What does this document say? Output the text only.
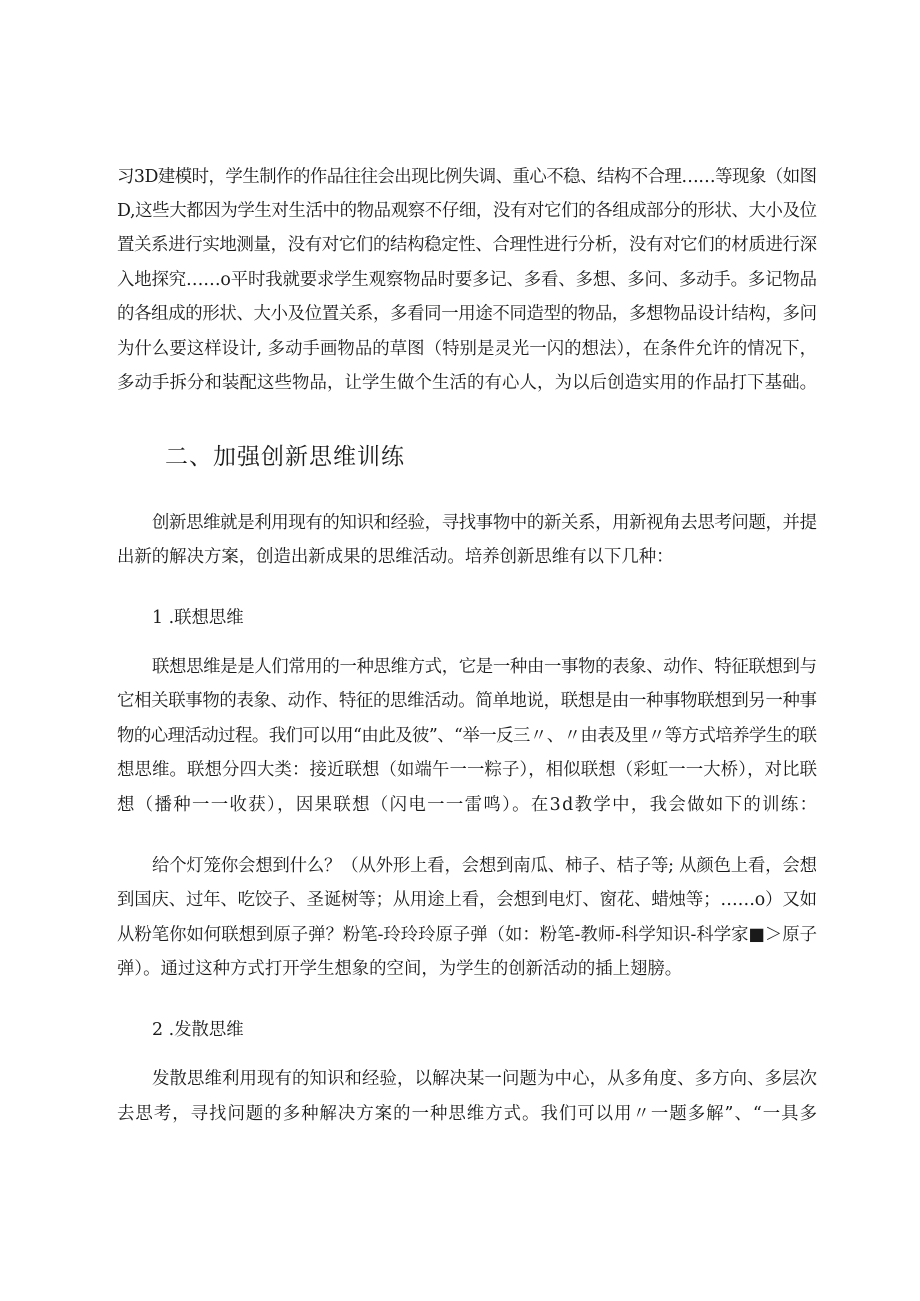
习3D建模时，学生制作的作品往往会出现比例失调、重心不稳、结构不合理……等现象（如图
D,这些大都因为学生对生活中的物品观察不仔细，没有对它们的各组成部分的形状、大小及位
置关系进行实地测量，没有对它们的结构稳定性、合理性进行分析，没有对它们的材质进行深
入地探究……o平时我就要求学生观察物品时要多记、多看、多想、多问、多动手。多记物品
的各组成的形状、大小及位置关系，多看同一用途不同造型的物品，多想物品设计结构，多问
为什么要这样设计, 多动手画物品的草图（特别是灵光一闪的想法），在条件允许的情况下，
多动手拆分和装配这些物品，让学生做个生活的有心人，为以后创造实用的作品打下基础。
二、加强创新思维训练
创新思维就是利用现有的知识和经验，寻找事物中的新关系，用新视角去思考问题，并提
出新的解决方案，创造出新成果的思维活动。培养创新思维有以下几种：
1 .联想思维
联想思维是是人们常用的一种思维方式，它是一种由一事物的表象、动作、特征联想到与
它相关联事物的表象、动作、特征的思维活动。简单地说，联想是由一种事物联想到另一种事
物的心理活动过程。我们可以用“由此及彼”、“举一反三〃、〃由表及里〃等方式培养学生的联
想思维。联想分四大类：接近联想（如端午一一粽子），相似联想（彩虹一一大桥），对比联
想（播种一一收获），因果联想（闪电一一雷鸣）。在3d教学中，我会做如下的训练：
给个灯笼你会想到什么？（从外形上看，会想到南瓜、柿子、桔子等; 从颜色上看，会想
到国庆、过年、吃饺子、圣诞树等；从用途上看，会想到电灯、窗花、蜡烛等；……o）又如
从粉笔你如何联想到原子弹？粉笔-玲玲玲原子弹（如：粉笔-教师-科学知识-科学家■＞原子
弹）。通过这种方式打开学生想象的空间，为学生的创新活动的插上翅膀。
2 .发散思维
发散思维利用现有的知识和经验，以解决某一问题为中心，从多角度、多方向、多层次
去思考，寻找问题的多种解决方案的一种思维方式。我们可以用〃一题多解”、“一具多
